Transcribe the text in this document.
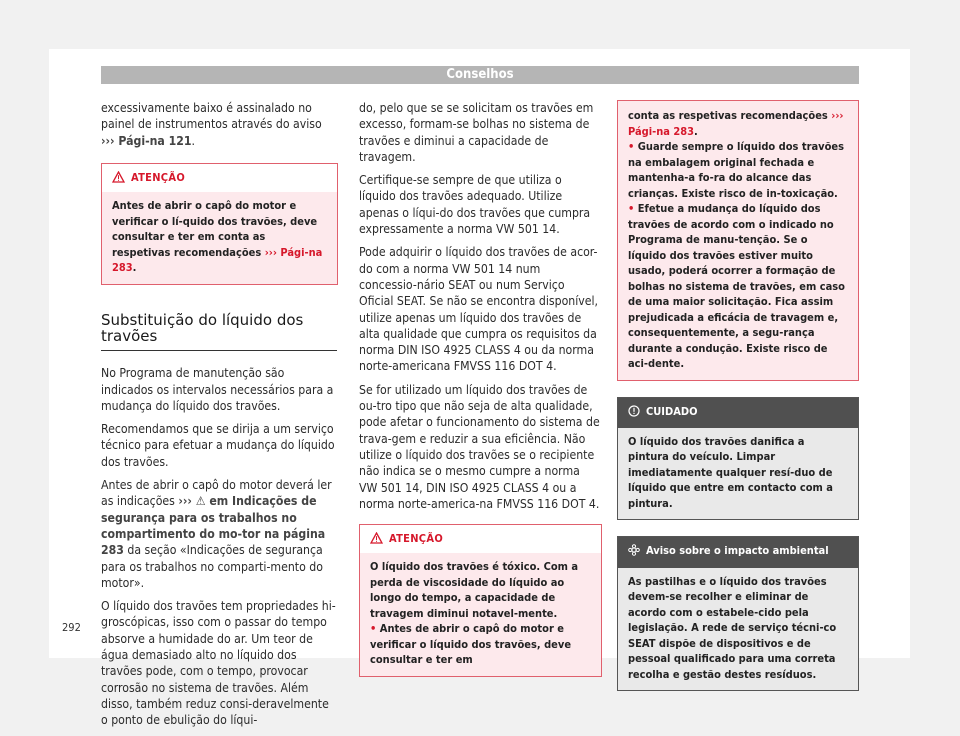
Conselhos

excessivamente baixo é assinalado no painel de instrumentos através do aviso ››› Pági-na 121.

ATENÇÃO

Antes de abrir o capô do motor e verificar o lí-quido dos travões, deve consultar e ter em conta as respetivas recomendações ››› Pági-na 283.

Substituição do líquido dos travões

No Programa de manutenção são indicados os intervalos necessários para a mudança do líquido dos travões.

Recomendamos que se dirija a um serviço técnico para efetuar a mudança do líquido dos travões.

Antes de abrir o capô do motor deverá ler as indicações ››› ⚠ em Indicações de segurança para os trabalhos no compartimento do mo-tor na página 283 da seção «Indicações de segurança para os trabalhos no comparti-mento do motor».

O líquido dos travões tem propriedades hi-groscópicas, isso com o passar do tempo absorve a humidade do ar. Um teor de água demasiado alto no líquido dos travões pode, com o tempo, provocar corrosão no sistema de travões. Além disso, também reduz consi-deravelmente o ponto de ebulição do líqui-

do, pelo que se se solicitam os travões em excesso, formam-se bolhas no sistema de travões e diminui a capacidade de travagem.

Certifique-se sempre de que utiliza o líquido dos travões adequado. Utilize apenas o líqui-do dos travões que cumpra expressamente a norma VW 501 14.

Pode adquirir o líquido dos travões de acor-do com a norma VW 501 14 num concessio-nário SEAT ou num Serviço Oficial SEAT. Se não se encontra disponível, utilize apenas um líquido dos travões de alta qualidade que cumpra os requisitos da norma DIN ISO 4925 CLASS 4 ou da norma norte-americana FMVSS 116 DOT 4.

Se for utilizado um líquido dos travões de ou-tro tipo que não seja de alta qualidade, pode afetar o funcionamento do sistema de trava-gem e reduzir a sua eficiência. Não utilize o líquido dos travões se o recipiente não indica se o mesmo cumpre a norma VW 501 14, DIN ISO 4925 CLASS 4 ou a norma norte-america-na FMVSS 116 DOT 4.

ATENÇÃO

O líquido dos travões é tóxico. Com a perda de viscosidade do líquido ao longo do tempo, a capacidade de travagem diminui notavel-mente.

• Antes de abrir o capô do motor e verificar o líquido dos travões, deve consultar e ter em

conta as respetivas recomendações ››› Pági-na 283.

• Guarde sempre o líquido dos travões na embalagem original fechada e mantenha-a fo-ra do alcance das crianças. Existe risco de in-toxicação.

• Efetue a mudança do líquido dos travões de acordo com o indicado no Programa de manu-tenção. Se o líquido dos travões estiver muito usado, poderá ocorrer a formação de bolhas no sistema de travões, em caso de uma maior solicitação. Fica assim prejudicada a eficácia de travagem e, consequentemente, a segu-rança durante a condução. Existe risco de aci-dente.

CUIDADO

O líquido dos travões danifica a pintura do veículo. Limpar imediatamente qualquer resí-duo de líquido que entre em contacto com a pintura.

Aviso sobre o impacto ambiental

As pastilhas e o líquido dos travões devem-se recolher e eliminar de acordo com o estabele-cido pela legislação. A rede de serviço técni-co SEAT dispõe de dispositivos e de pessoal qualificado para uma correta recolha e gestão destes resíduos.

292
